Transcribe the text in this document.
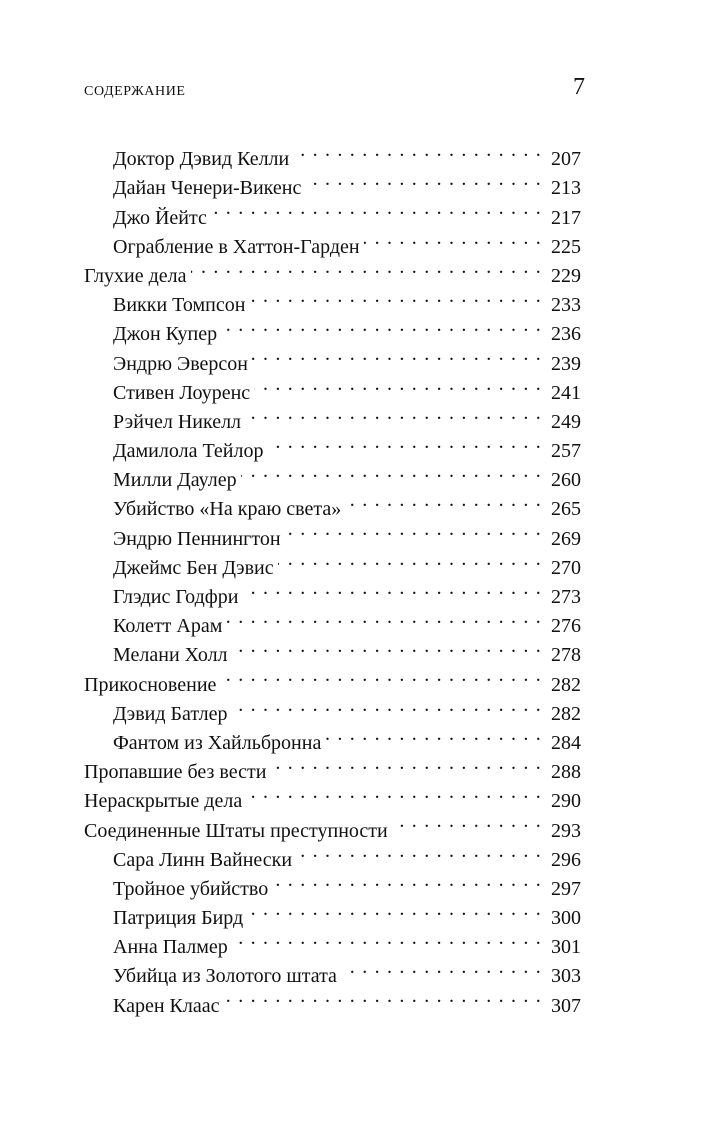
СОДЕРЖАНИЕ	7
Доктор Дэвид Келли . . .	207
Дайан Ченери-Викенс . . .	213
Джо Йейтс . . .	217
Ограбление в Хаттон-Гарден . . .	225
Глухие дела . . .	229
Викки Томпсон . . .	233
Джон Купер . . .	236
Эндрю Эверсон . . .	239
Стивен Лоуренс . . .	241
Рэйчел Никелл . . .	249
Дамилола Тейлор . . .	257
Милли Даулер . . .	260
Убийство «На краю света» . . .	265
Эндрю Пеннингтон . . .	269
Джеймс Бен Дэвис . . .	270
Глэдис Годфри . . .	273
Колетт Арам . . .	276
Мелани Холл . . .	278
Прикосновение . . .	282
Дэвид Батлер . . .	282
Фантом из Хайльбронна . . .	284
Пропавшие без вести . . .	288
Нераскрытые дела . . .	290
Соединенные Штаты преступности . . .	293
Сара Линн Вайнески . . .	296
Тройное убийство . . .	297
Патриция Бирд . . .	300
Анна Палмер . . .	301
Убийца из Золотого штата . . .	303
Карен Клаас . . .	307
